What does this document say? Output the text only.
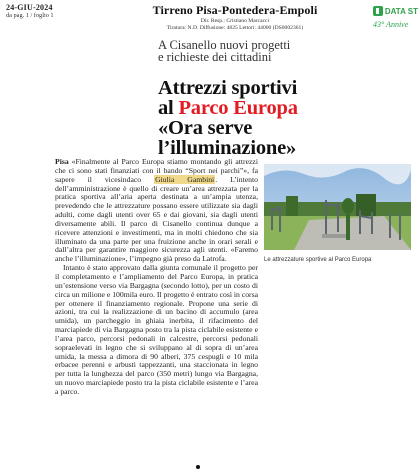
24-GIU-2024
da pag. 1 / foglio 1	Tirreno Pisa-Pontedera-Empoli
Dir. Resp.: Cristiano Marcacci
Tiratura: N.D. Diffusione: 4825 Lettori: 44000 (DS0002361)
DATA ST
43° Annive
A Cisanello nuovi progetti
e richieste dei cittadini
Attrezzi sportivi
al Parco Europa
«Ora serve
l’illuminazione»

Pisa «Finalmente al Parco Europa stiamo montando gli attrezzi che ci sono stati finanziati con il bando “Sport nei parchi”», fa sapere il vicesindaco Giulia Gambini. L’intento dell’amministrazione è quello di creare un’area attrezzata per la pratica sportiva all’aria aperta destinata a un’ampia utenza, prevedendo che le attrezzature possano essere utilizzate sia dagli adulti, come dagli utenti over 65 e dai giovani, sia dagli utenti diversamente abili. Il parco di Cisanello continua dunque a ricevere attenzioni e investimenti, ma in molti chiedono che sia illuminato da una parte per una fruizione anche in orari serali e dall’altra per garantire maggiore sicurezza agli utenti. «Faremo anche l’illuminazione», l’impegno già preso da Latrofa.

Intanto è stato approvato dalla giunta comunale il progetto per il completamento e l’ampliamento del Parco Europa, in pratica un’estensione verso via Bargagna (secondo lotto), per un costo di circa un milione e 100mila euro. Il progetto è entrato così in corsa per ottenere il finanziamento regionale. Propone una serie di azioni, tra cui la realizzazione di un bacino di accumulo (area umida), un parcheggio in ghiaia inerbita, il rifacimento del marciapiede di via Bargagna posto tra la pista ciclabile esistente e l’area parco, percorsi pedonali in calcestre, percorsi pedonali sopraelevati in legno che si sviluppano al di sopra di un’area umida, la messa a dimora di 90 alberi, 375 cespugli e 10 mila erbacee perenni e arbusti tappezzanti, una staccionata in legno per tutta la lunghezza del parco (350 metri) lungo via Bargagna, un nuovo marciapiede posto tra la pista ciclabile esistente e l’area a parco.

Le attrezzature sportive al Parco Europa
